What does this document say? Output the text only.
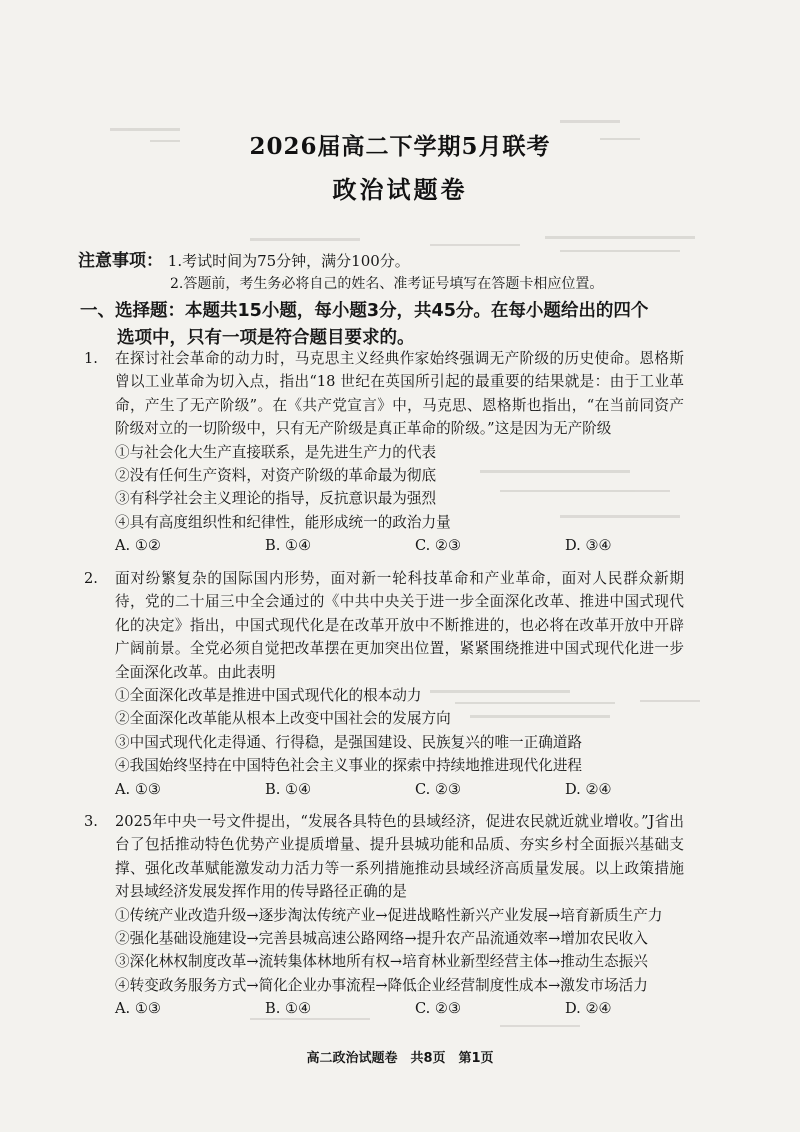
2026届高二下学期5月联考
政治试题卷
注意事项： 1.考试时间为75分钟，满分100分。
2.答题前，考生务必将自己的姓名、准考证号填写在答题卡相应位置。
一、选择题：本题共15小题，每小题3分，共45分。在每小题给出的四个
选项中，只有一项是符合题目要求的。
1. 在探讨社会革命的动力时，马克思主义经典作家始终强调无产阶级的历史使命。恩格斯曾以工业革命为切入点，指出“18 世纪在英国所引起的最重要的结果就是：由于工业革命，产生了无产阶级”。在《共产党宣言》中，马克思、恩格斯也指出，“在当前同资产阶级对立的一切阶级中，只有无产阶级是真正革命的阶级。”这是因为无产阶级
①与社会化大生产直接联系，是先进生产力的代表
②没有任何生产资料，对资产阶级的革命最为彻底
③有科学社会主义理论的指导，反抗意识最为强烈
④具有高度组织性和纪律性，能形成统一的政治力量
A. ①②	B. ①④	C. ②③	D. ③④
2. 面对纷繁复杂的国际国内形势，面对新一轮科技革命和产业革命，面对人民群众新期待，党的二十届三中全会通过的《中共中央关于进一步全面深化改革、推进中国式现代化的决定》指出，中国式现代化是在改革开放中不断推进的，也必将在改革开放中开辟广阔前景。全党必须自觉把改革摆在更加突出位置，紧紧围绕推进中国式现代化进一步全面深化改革。由此表明
①全面深化改革是推进中国式现代化的根本动力
②全面深化改革能从根本上改变中国社会的发展方向
③中国式现代化走得通、行得稳，是强国建设、民族复兴的唯一正确道路
④我国始终坚持在中国特色社会主义事业的探索中持续地推进现代化进程
A. ①③	B. ①④	C. ②③	D. ②④
3. 2025年中央一号文件提出，“发展各具特色的县域经济，促进农民就近就业增收。”J省出台了包括推动特色优势产业提质增量、提升县城功能和品质、夯实乡村全面振兴基础支撑、强化改革赋能激发动力活力等一系列措施推动县域经济高质量发展。以上政策措施对县域经济发展发挥作用的传导路径正确的是
①传统产业改造升级→逐步淘汰传统产业→促进战略性新兴产业发展→培育新质生产力
②强化基础设施建设→完善县城高速公路网络→提升农产品流通效率→增加农民收入
③深化林权制度改革→流转集体林地所有权→培育林业新型经营主体→推动生态振兴
④转变政务服务方式→简化企业办事流程→降低企业经营制度性成本→激发市场活力
A. ①③	B. ①④	C. ②③	D. ②④
高二政治试题卷　共8页　第1页
